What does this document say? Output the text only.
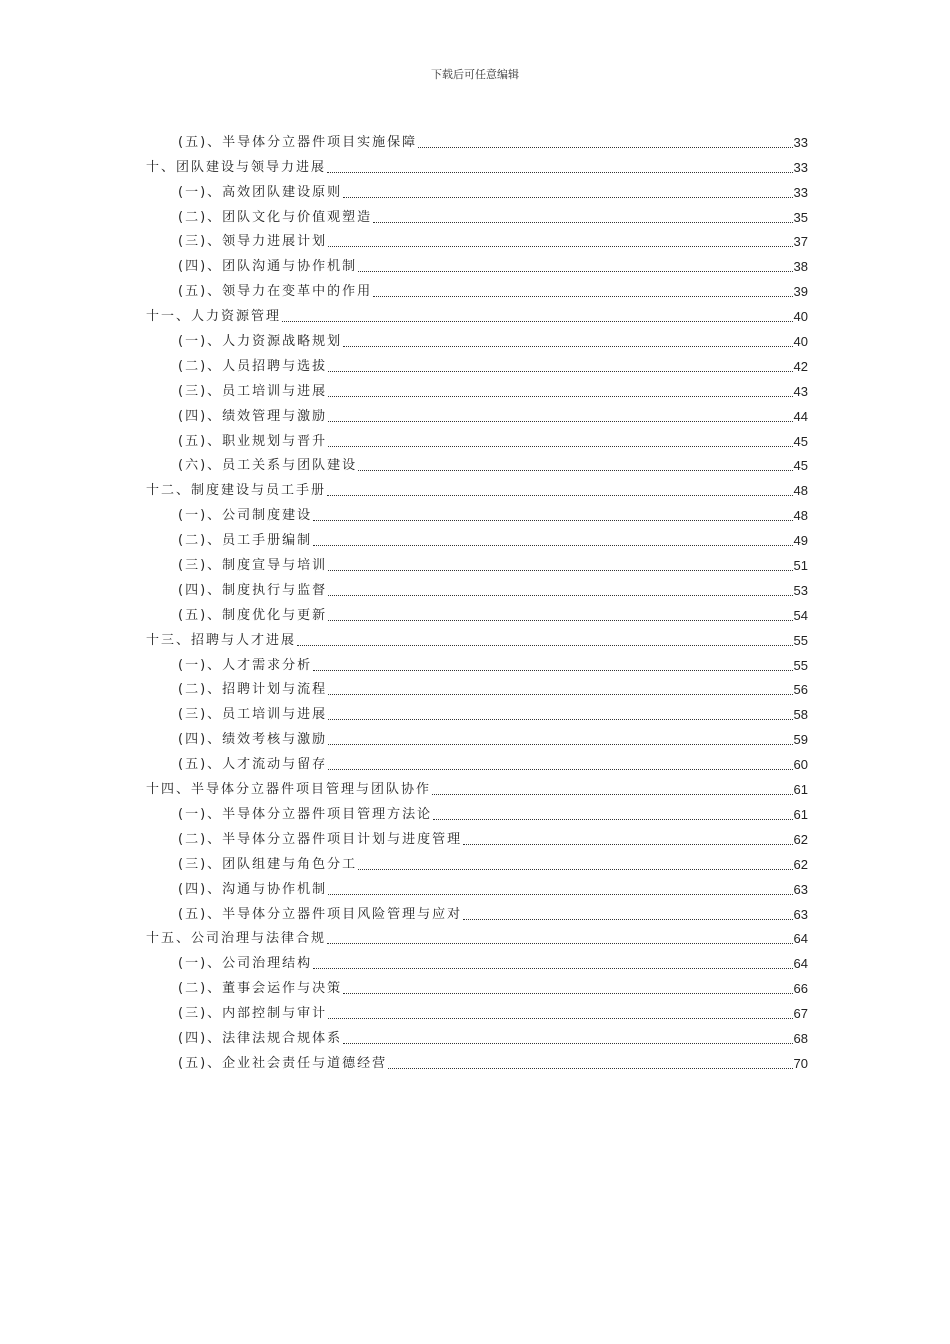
下载后可任意编辑
(五)、半导体分立器件项目实施保障	33
十、团队建设与领导力进展	33
(一)、高效团队建设原则	33
(二)、团队文化与价值观塑造	35
(三)、领导力进展计划	37
(四)、团队沟通与协作机制	38
(五)、领导力在变革中的作用	39
十一、人力资源管理	40
(一)、人力资源战略规划	40
(二)、人员招聘与选拔	42
(三)、员工培训与进展	43
(四)、绩效管理与激励	44
(五)、职业规划与晋升	45
(六)、员工关系与团队建设	45
十二、制度建设与员工手册	48
(一)、公司制度建设	48
(二)、员工手册编制	49
(三)、制度宣导与培训	51
(四)、制度执行与监督	53
(五)、制度优化与更新	54
十三、招聘与人才进展	55
(一)、人才需求分析	55
(二)、招聘计划与流程	56
(三)、员工培训与进展	58
(四)、绩效考核与激励	59
(五)、人才流动与留存	60
十四、半导体分立器件项目管理与团队协作	61
(一)、半导体分立器件项目管理方法论	61
(二)、半导体分立器件项目计划与进度管理	62
(三)、团队组建与角色分工	62
(四)、沟通与协作机制	63
(五)、半导体分立器件项目风险管理与应对	63
十五、公司治理与法律合规	64
(一)、公司治理结构	64
(二)、董事会运作与决策	66
(三)、内部控制与审计	67
(四)、法律法规合规体系	68
(五)、企业社会责任与道德经营	70
